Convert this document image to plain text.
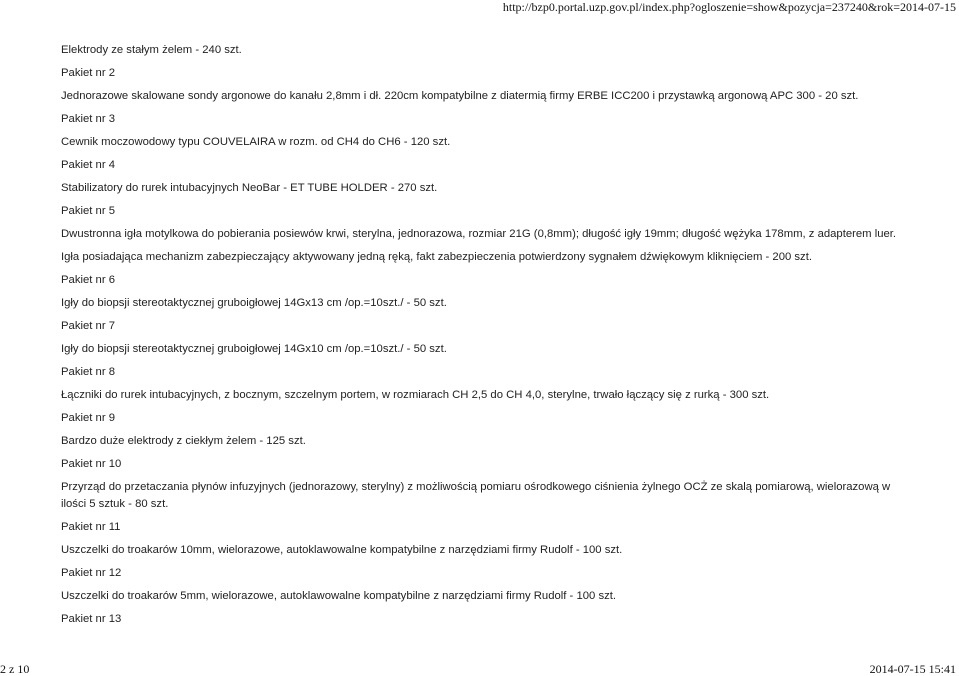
http://bzp0.portal.uzp.gov.pl/index.php?ogloszenie=show&pozycja=237240&rok=2014-07-15
Elektrody ze stałym żelem - 240 szt.
Pakiet nr 2
Jednorazowe skalowane sondy argonowe do kanału 2,8mm i dł. 220cm kompatybilne z diatermią firmy ERBE ICC200 i przystawką argonową APC 300 - 20 szt.
Pakiet nr 3
Cewnik moczowodowy typu COUVELAIRA w rozm. od CH4 do CH6 - 120 szt.
Pakiet nr 4
Stabilizatory do rurek intubacyjnych NeoBar - ET TUBE HOLDER - 270 szt.
Pakiet nr 5
Dwustronna igła motylkowa do pobierania posiewów krwi, sterylna, jednorazowa, rozmiar 21G (0,8mm); długość igły 19mm; długość wężyka 178mm, z adapterem luer.
Igła posiadająca mechanizm zabezpieczający aktywowany jedną ręką, fakt zabezpieczenia potwierdzony sygnałem dźwiękowym kliknięciem - 200 szt.
Pakiet nr 6
Igły do biopsji stereotaktycznej gruboigłowej 14Gx13 cm /op.=10szt./ - 50 szt.
Pakiet nr 7
Igły do biopsji stereotaktycznej gruboigłowej 14Gx10 cm /op.=10szt./ - 50 szt.
Pakiet nr 8
Łączniki do rurek intubacyjnych, z bocznym, szczelnym portem, w rozmiarach CH 2,5 do CH 4,0, sterylne, trwało łączący się z rurką - 300 szt.
Pakiet nr 9
Bardzo duże elektrody z ciekłym żelem - 125 szt.
Pakiet nr 10
Przyrząd do przetaczania płynów infuzyjnych (jednorazowy, sterylny) z możliwością pomiaru ośrodkowego ciśnienia żylnego OCŻ ze skalą pomiarową, wielorazową w
ilości 5 sztuk - 80 szt.
Pakiet nr 11
Uszczelki do troakarów 10mm, wielorazowe, autoklawowalne kompatybilne z narzędziami firmy Rudolf - 100 szt.
Pakiet nr 12
Uszczelki do troakarów 5mm, wielorazowe, autoklawowalne kompatybilne z narzędziami firmy Rudolf - 100 szt.
Pakiet nr 13
2 z 10	2014-07-15 15:41
